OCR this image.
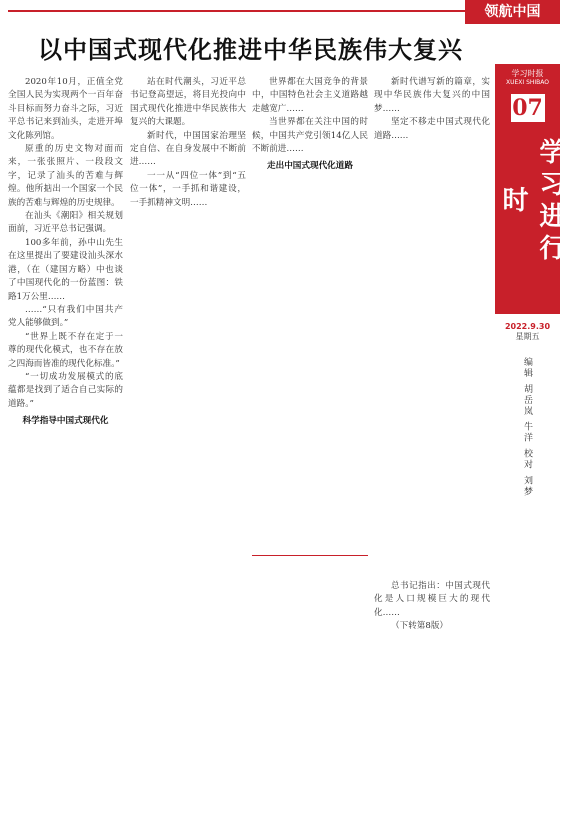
领航中国
以中国式现代化推进中华民族伟大复兴
学习时报
XUEXI SHIBAO
07
学习进行时
2022.9.30
星期五
编辑 胡岳岚 牛洋 校对 刘梦

2020年10月，正值全党全国人民为实现两个一百年奋斗目标而努力奋斗之际，习近平总书记来到汕头，走进开埠文化陈列馆。

原重的历史文物对面而来，一张张照片、一段段文字，记录了汕头的苦难与辉煌。他所掂出一个国家一个民族的苦难与辉煌的历史规律。

在汕头《潮阳》相关规划面前，习近平总书记强调。

100多年前，孙中山先生在这里提出了要建设汕头深水港，（在（建国方略）中也谈了中国现代化的一份蓝图：铁路1万公里……

……“只有我们中国共产党人能够做到。”

“世界上既不存在定于一尊的现代化模式，也不存在放之四海而皆准的现代化标准。”

“一切成功发展模式的底蕴都是找到了适合自己实际的道路。”

科学指导中国式现代化

站在时代潮头，习近平总书记登高望远，将目光投向中国式现代化推进中华民族伟大复兴的大课题。

新时代，中国国家治理坚定自信、在自身发展中不断前进……

一一从“四位一体”到“五位一体”，一手抓和谐建设，一手抓精神文明……

世界都在大国竞争的背景中，中国特色社会主义道路越走越宽广……

当世界都在关注中国的时候，中国共产党引领14亿人民不断前进……

走出中国式现代化道路

新时代谱写新的篇章，实现中华民族伟大复兴的中国梦……

坚定不移走中国式现代化道路……

总书记指出：中国式现代化是人口规模巨大的现代化……

（下转第8版）
